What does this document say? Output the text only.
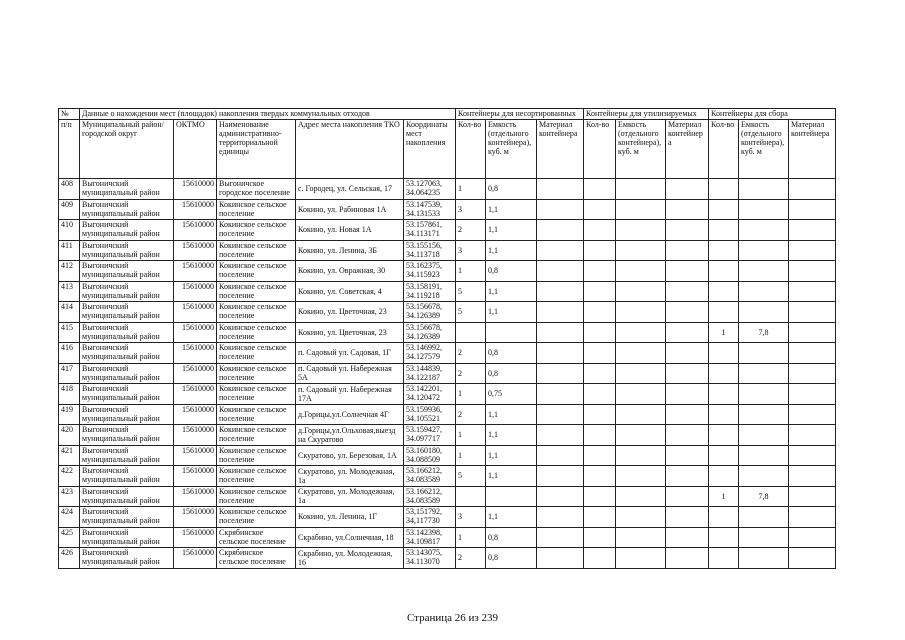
№	Данные о нахождении мест (площадок) накопления твердых коммунальных отходов					Контейнеры для несортированных			Контейнеры для утилизируемых			Контейнеры для сбора		
п/п	Муниципальный район/городской округ	ОКТМО	Наименование административно-территориальной единицы	Адрес места накопления ТКО	Координаты мест накопления	Кол-во	Емкость (отдельного контейнера), куб. м	Материал контейнера	Кол-во	Емкость (отдельного контейнера), куб. м	Материал контейнер а	Кол-во	Емкость (отдельного контейнера), куб. м	Материал контейнера
408	Выгоничский муниципальный район	15610000	Выгоничское городское поселение	с. Городец, ул. Сельская, 17	53.127063, 34.064235	1	0,8							
409	Выгоничский муниципальный район	15610000	Кокинское сельское поселение	Кокино, ул. Рабиновая 1А	53.147539, 34.131533	3	1,1							
410	Выгоничский муниципальный район	15610000	Кокинское сельское поселение	Кокино, ул. Новая 1А	53.157861, 34.113171	2	1,1							
411	Выгоничский муниципальный район	15610000	Кокинское сельское поселение	Кокино, ул. Ленина, 3Б	53.155156, 34.113718	3	1,1							
412	Выгоничский муниципальный район	15610000	Кокинское сельское поселение	Кокино, ул. Овражная, 30	53.162375, 34.115923	1	0,8							
413	Выгоничский муниципальный район	15610000	Кокинское сельское поселение	Кокино, ул. Советская, 4	53.158191, 34.119218	5	1,1							
414	Выгоничский муниципальный район	15610000	Кокинское сельское поселение	Кокино, ул. Цветочная, 23	53.156678, 34.126389	5	1,1							
415	Выгоничский муниципальный район	15610000	Кокинское сельское поселение	Кокино, ул. Цветочная, 23	53.156678, 34.126389							1	7,8	
416	Выгоничский муниципальный район	15610000	Кокинское сельское поселение	п. Садовый ул. Садовая, 1Г	53.146992, 34.127579	2	0,8							
417	Выгоничский муниципальный район	15610000	Кокинское сельское поселение	п. Садовый ул. Набережная 5А	53.144839, 34.122187	2	0,8							
418	Выгоничский муниципальный район	15610000	Кокинское сельское поселение	п. Садовый ул. Набережная 17А	53.142201, 34.120472	1	0,75							
419	Выгоничский муниципальный район	15610000	Кокинское сельское поселение	д.Горицы,ул.Солнечная 4Г	53.159936, 34.105521	2	1,1							
420	Выгоничский муниципальный район	15610000	Кокинское сельское поселение	д.Горицы,ул.Ольховая,выезд на Скуратово	53.159427, 34.097717	1	1,1							
421	Выгоничский муниципальный район	15610000	Кокинское сельское поселение	Скуратово, ул. Березовая, 1А	53.160180, 34.088509	1	1,1							
422	Выгоничский муниципальный район	15610000	Кокинское сельское поселение	Скуратово, ул. Молодежная, 1а	53.166212, 34.083589	5	1,1							
423	Выгоничский муниципальный район	15610000	Кокинское сельское поселение	Скуратово, ул. Молодежная, 1а	53.166212, 34.083589							1	7,8	
424	Выгоничский муниципальный район	15610000	Кокинское сельское поселение	Кокино, ул. Ленина, 1Г	53,151792, 34,117730	3	1,1							
425	Выгоничский муниципальный район	15610000	Скрябинское сельское поселение	Скрабино, ул.Солнечная, 18	53.142398, 34.109817	1	0,8							
426	Выгоничский муниципальный район	15610000	Скрябинское сельское поселение	Скрабино, ул. Молодежная, 16	53.143075, 34.113070	2	0,8							
Страница 26 из 239
